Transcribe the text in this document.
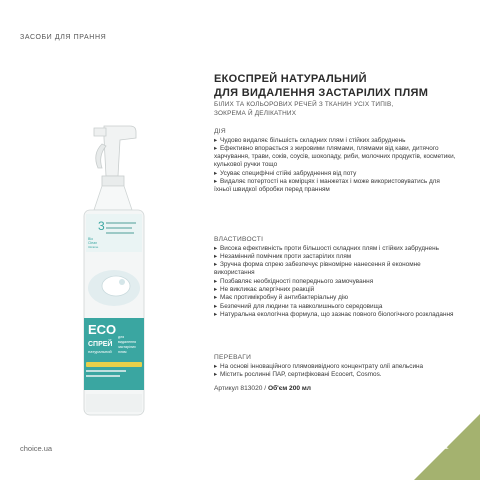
ЗАСОБИ ДЛЯ ПРАННЯ
3
Bio
Clean
Ukraine
ECO
СПРЕЙ
натуральний
для
видалення
застарілих
плям
ЕКОСПРЕЙ НАТУРАЛЬНИЙ
ДЛЯ ВИДАЛЕННЯ ЗАСТАРІЛИХ ПЛЯМ
БІЛИХ ТА КОЛЬОРОВИХ РЕЧЕЙ З ТКАНИН УСІХ ТИПІВ,
ЗОКРЕМА Й ДЕЛІКАТНИХ
ДІЯ

▸ Чудово видаляє більшість складних плям і стійких забруднень

▸ Ефективно впорається з жировими плямами, плямами від кави, дитячого харчування, трави, соків, соусів, шоколаду, риби, молочних продуктів, косметики, кулькової ручки тощо

▸ Усуває специфічні стійкі забруднення від поту

▸ Видаляє потертості на комірцях і манжетах і може використовуватись для їхньої швидкої обробки перед пранням

ВЛАСТИВОСТІ

▸ Висока ефективність проти більшості складних плям і стійких забруднень

▸ Незамінний помічник проти застарілих плям

▸ Зручна форма спрею забезпечує рівномірне нанесення й економне використання

▸ Позбавляє необхідності попереднього замочування

▸ Не викликає алергічних реакцій

▸ Має протимікробну й антибактеріальну дію

▸ Безпечний для людини та навколишнього середовища

▸ Натуральна екологічна формула, що зазнає повного біологічного розкладання

ПЕРЕВАГИ

▸ На основі інноваційного плямовивідного концентрату олії апельсина

▸ Містить рослинні ПАР, сертифіковані Ecocert, Cosmos.

Артикул 813020 / Об'єм 200 мл
choice.ua	161
